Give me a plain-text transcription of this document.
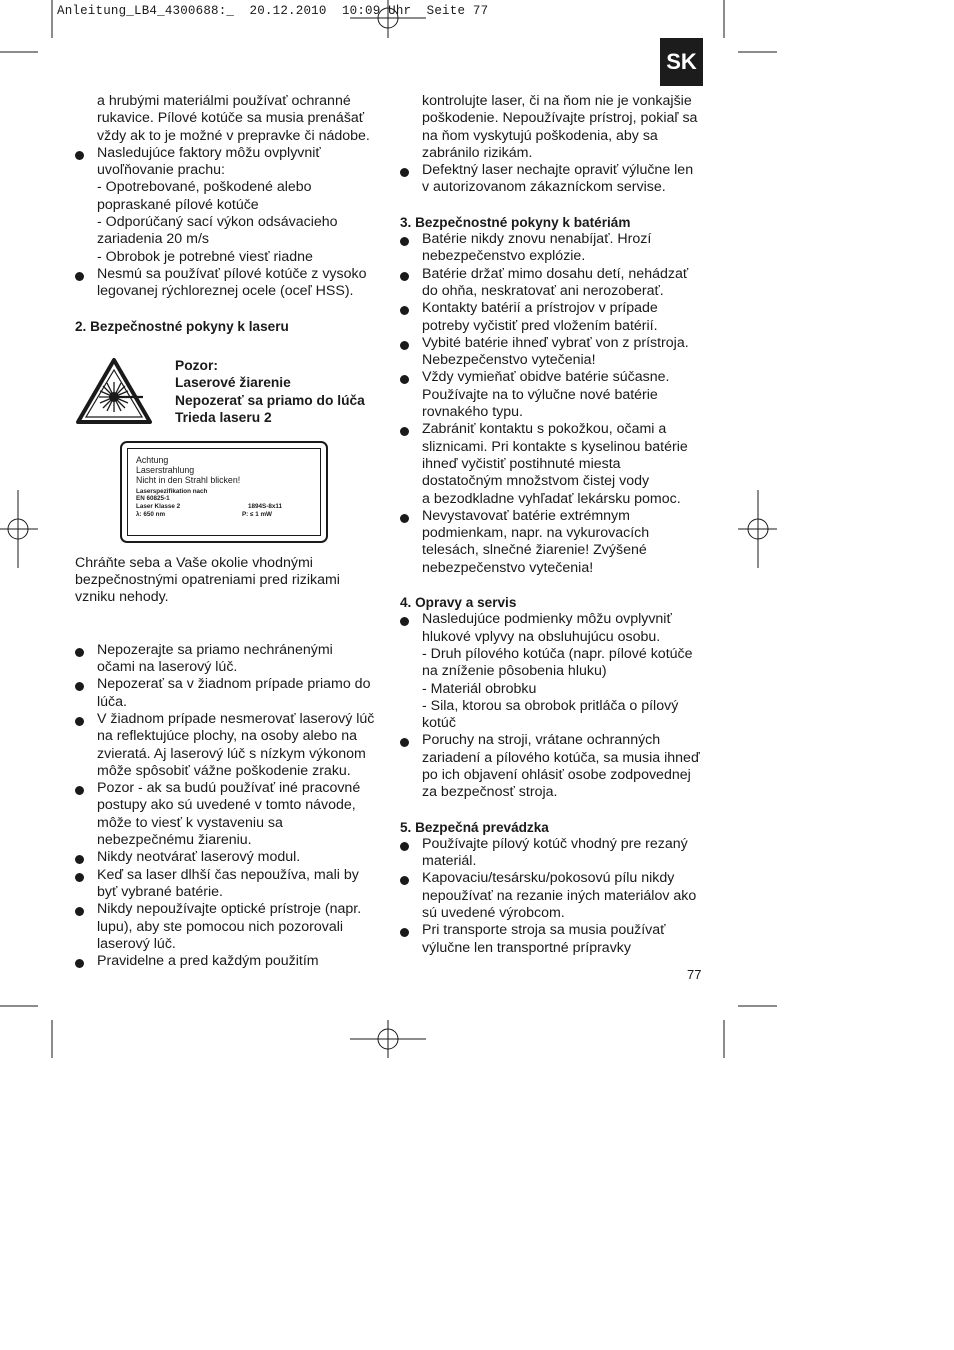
Anleitung_LB4_4300688:_  20.12.2010  10:09 Uhr  Seite 77
SK

a hrubými materiálmi používať ochranné

rukavice. Pílové kotúče sa musia prenášať

vždy ak to je možné v prepravke či nádobe.

Nasledujúce faktory môžu ovplyvniť

uvoľňovanie prachu:

- Opotrebované, poškodené alebo

popraskané pílové kotúče

- Odporúčaný sací výkon odsávacieho

zariadenia 20 m/s

- Obrobok je potrebné viesť riadne

Nesmú sa používať pílové kotúče z vysoko

legovanej rýchloreznej ocele (oceľ HSS).

2. Bezpečnostné pokyny k laseru

Pozor:
Laserové žiarenie
Nepozerať sa priamo do lúča
Trieda laseru 2
Achtung
Laserstrahlung
Nicht in den Strahl blicken!
Laserspezifikation nach
EN 60825-1
Laser Klasse 2	1894S-8x11
λ: 650 nm	P: ≤ 1 mW

Chráňte seba a Vaše okolie vhodnými

bezpečnostnými opatreniami pred rizikami

vzniku nehody.

Nepozerajte sa priamo nechránenými

očami na laserový lúč.

Nepozerať sa v žiadnom prípade priamo do

lúča.

V žiadnom prípade nesmerovať laserový lúč

na reflektujúce plochy, na osoby alebo na

zvieratá. Aj laserový lúč s nízkym výkonom

môže spôsobiť vážne poškodenie zraku.

Pozor - ak sa budú používať iné pracovné

postupy ako sú uvedené v tomto návode,

môže to viesť k vystaveniu sa

nebezpečnému žiareniu.

Nikdy neotvárať laserový modul.

Keď sa laser dlhší čas nepoužíva, mali by

byť vybrané batérie.

Nikdy nepoužívajte optické prístroje (napr.

lupu), aby ste pomocou nich pozorovali

laserový lúč.

Pravidelne a pred každým použitím

kontrolujte laser, či na ňom nie je vonkajšie

poškodenie. Nepoužívajte prístroj, pokiaľ sa

na ňom vyskytujú poškodenia, aby sa

zabránilo rizikám.

Defektný laser nechajte opraviť výlučne len

v autorizovanom zákazníckom servise.

3. Bezpečnostné pokyny k batériám

Batérie nikdy znovu nenabíjať. Hrozí

nebezpečenstvo explózie.

Batérie držať mimo dosahu detí, nehádzať

do ohňa, neskratovať ani nerozoberať.

Kontakty batérií a prístrojov v prípade

potreby vyčistiť pred vložením batérií.

Vybité batérie ihneď vybrať von z prístroja.

Nebezpečenstvo vytečenia!

Vždy vymieňať obidve batérie súčasne.

Používajte na to výlučne nové batérie

rovnakého typu.

Zabrániť kontaktu s pokožkou, očami a

sliznicami. Pri kontakte s kyselinou batérie

ihneď vyčistiť postihnuté miesta

dostatočným množstvom čistej vody

a bezodkladne vyhľadať lekársku pomoc.

Nevystavovať batérie extrémnym

podmienkam, napr. na vykurovacích

telesách, slnečné žiarenie! Zvýšené

nebezpečenstvo vytečenia!

4. Opravy a servis

Nasledujúce podmienky môžu ovplyvniť

hlukové vplyvy na obsluhujúcu osobu.

- Druh pílového kotúča (napr. pílové kotúče

na zníženie pôsobenia hluku)

- Materiál obrobku

- Sila, ktorou sa obrobok pritláča o pílový

kotúč

Poruchy na stroji, vrátane ochranných

zariadení a pílového kotúča, sa musia ihneď

po ich objavení ohlásiť osobe zodpovednej

za bezpečnosť stroja.

5. Bezpečná prevádzka

Používajte pílový kotúč vhodný pre rezaný

materiál.

Kapovaciu/tesársku/pokosovú pílu nikdy

nepoužívať na rezanie iných materiálov ako

sú uvedené výrobcom.

Pri transporte stroja sa musia používať

výlučne len transportné prípravky

77
